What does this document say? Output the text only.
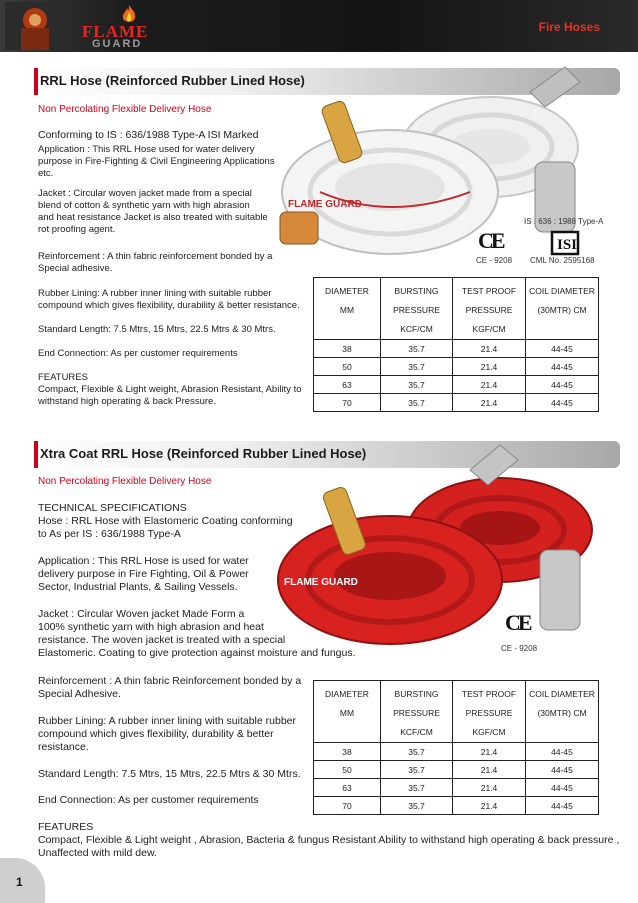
FLAME
GUARD
Fire Hoses
RRL Hose (Reinforced Rubber Lined Hose)
Non Percolating Flexible Delivery Hose
Conforming to IS : 636/1988 Type-A ISI Marked
Application : This RRL Hose used for water delivery
purpose in Fire-Fighting & Civil Engineering Applications
etc.
Jacket : Circular woven jacket made from a special
blend of cotton & synthetic yarn with high abrasion
and heat resistance Jacket is also treated with suitable
rot proofing agent.
Reinforcement : A thin fabric reinforcement bonded by a
Special adhesive.
Rubber Lining: A rubber inner lining with suitable rubber
compound which gives flexibility, durability & better resistance.
Standard Length: 7.5 Mtrs, 15 Mtrs, 22.5 Mtrs & 30 Mtrs.
End Connection: As per customer requirements
FEATURES
Compact, Flexible & Light weight, Abrasion Resistant, Ability to
withstand high operating & back Pressure.
FLAME GUARD
ISI
CE
IS : 636 : 1988 Type-A
CE - 9208 CML No. 2595168
DIAMETER
MM	BURSTING
PRESSURE
KCF/CM	TEST PROOF
PRESSURE
KGF/CM	COIL DIAMETER
(30MTR) CM
38	35.7	21.4	44-45
50	35.7	21.4	44-45
63	35.7	21.4	44-45
70	35.7	21.4	44-45
Xtra Coat RRL Hose (Reinforced Rubber Lined Hose)
Non Percolating Flexible Delivery Hose
TECHNICAL SPECIFICATIONS
Hose : RRL Hose with Elastomeric Coating conforming
to As per IS : 636/1988 Type-A
Application : This RRL Hose is used for water
delivery purpose in Fire Fighting, Oil & Power
Sector, Industrial Plants, & Sailing Vessels.
Jacket : Circular Woven jacket Made Form a
100% synthetic yarn with high abrasion and heat
resistance. The woven jacket is treated with a special
Elastomeric. Coating to give protection against moisture and fungus.
Reinforcement : A thin fabric Reinforcement bonded by a
Special Adhesive.
Rubber Lining: A rubber inner lining with suitable rubber
compound which gives flexibility, durability & better
resistance.
Standard Length: 7.5 Mtrs, 15 Mtrs, 22.5 Mtrs & 30 Mtrs.
End Connection: As per customer requirements
FEATURES
Compact, Flexible & Light weight , Abrasion, Bacteria & fungus Resistant Ability to withstand high operating & back pressure ,
Unaffected with mild dew.
FLAME GUARD
CE
CE - 9208
DIAMETER
MM	BURSTING
PRESSURE
KCF/CM	TEST PROOF
PRESSURE
KGF/CM	COIL DIAMETER
(30MTR) CM
38	35.7	21.4	44-45
50	35.7	21.4	44-45
63	35.7	21.4	44-45
70	35.7	21.4	44-45
1
